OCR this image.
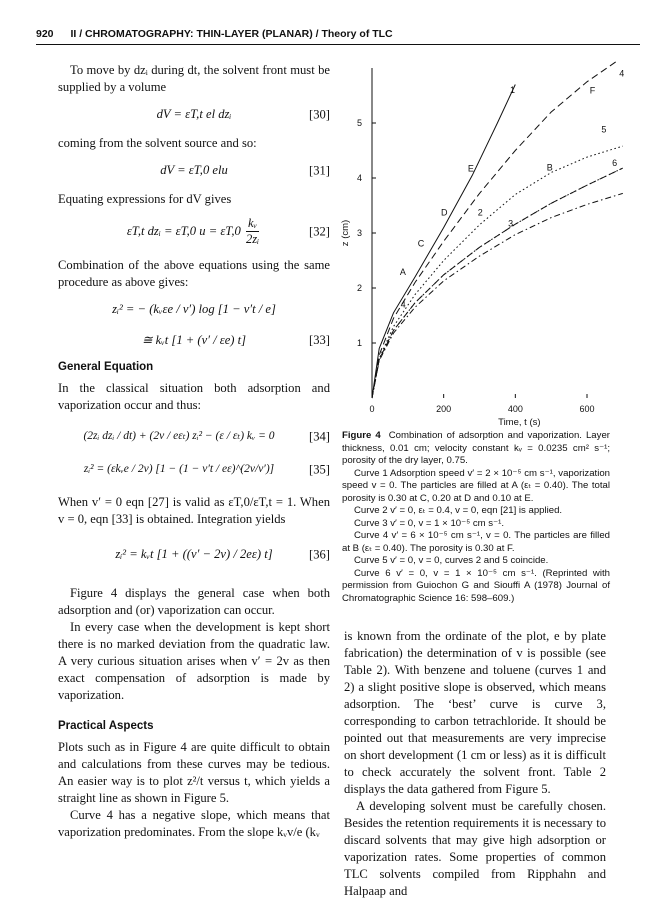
920 II / CHROMATOGRAPHY: THIN-LAYER (PLANAR) / Theory of TLC

To move by dzᵢ during dt, the solvent front must be supplied by a volume

dV = εT,t el dzᵢ	[30]

coming from the solvent source and so:

dV = εT,0 elu	[31]

Equating expressions for dV gives

εT,t dzᵢ = εT,0 $u = \varepsilon T,0 \frac{\text{kᵥ}}{\text{2zᵢ}}$	[32]

Combination of the above equations using the same procedure as above gives:

zᵢ² = − (kᵥεe / v′) log [1 − v′t / e]
≅ kᵥt [1 + (v′ / εe) t]	[33]
General Equation

In the classical situation both adsorption and vaporization occur and thus:

(2zᵢ dzᵢ / dt) + (2v / eεₜ) zᵢ² − (ε / εₜ) kᵥ = 0	[34]
zᵢ² = (εkᵥe / 2v) [1 − (1 − v′t / eε)^(2v/v′)]	[35]

When v′ = 0 eqn [27] is valid as εT,0/εT,t = 1. When v = 0, eqn [33] is obtained. Integration yields

zᵢ² = kᵥt [1 + ((v′ − 2v) / 2eε) t]	[36]

Figure 4 displays the general case when both adsorption and (or) vaporization can occur.

In every case when the development is kept short there is no marked deviation from the quadratic law. A very curious situation arises when v′ = 2v as then exact compensation of adsorption is made by vaporization.

Practical Aspects

Plots such as in Figure 4 are quite difficult to obtain and calculations from these curves may be tedious. An easier way is to plot z²/t versus t, which yields a straight line as shown in Figure 5.

Curve 4 has a negative slope, which means that vaporization predominates. From the slope kᵥv/e (kᵥ

0	200	400	600
1
2
3
4
5
Time, t (s)
z (cm)
A
C
D
E	B
F
1
2
3
4
4
5
6

Figure 4 Combination of adsorption and vaporization. Layer thickness, 0.01 cm; velocity constant kᵥ = 0.0235 cm² s⁻¹; porosity of the dry layer, 0.75.

Curve 1 Adsorption speed v′ = 2 × 10⁻⁵ cm s⁻¹, vaporization speed v = 0. The particles are filled at A (εₜ = 0.40). The total porosity is 0.30 at C, 0.20 at D and 0.10 at E.

Curve 2 v′ = 0, εₜ = 0.4, v = 0, eqn [21] is applied.

Curve 3 v′ = 0, v = 1 × 10⁻⁵ cm s⁻¹.

Curve 4 v′ = 6 × 10⁻⁵ cm s⁻¹, v = 0. The particles are filled at B (εₜ = 0.40). The porosity is 0.30 at F.

Curve 5 v′ = 0, v = 0, curves 2 and 5 coincide.

Curve 6 v′ = 0, v = 1 × 10⁻⁵ cm s⁻¹. (Reprinted with permission from Guiochon G and Siouffi A (1978) Journal of Chromatographic Science 16: 598–609.)

is known from the ordinate of the plot, e by plate fabrication) the determination of v is possible (see Table 2). With benzene and toluene (curves 1 and 2) a slight positive slope is observed, which means adsorption. The ‘best’ curve is curve 3, corresponding to carbon tetrachloride. It should be pointed out that measurements are very imprecise on short development (1 cm or less) as it is difficult to check accurately the solvent front. Table 2 displays the data gathered from Figure 5.

A developing solvent must be carefully chosen. Besides the retention requirements it is necessary to discard solvents that may give high adsorption or vaporization rates. Some properties of common TLC solvents compiled from Ripphahn and Halpaap and
